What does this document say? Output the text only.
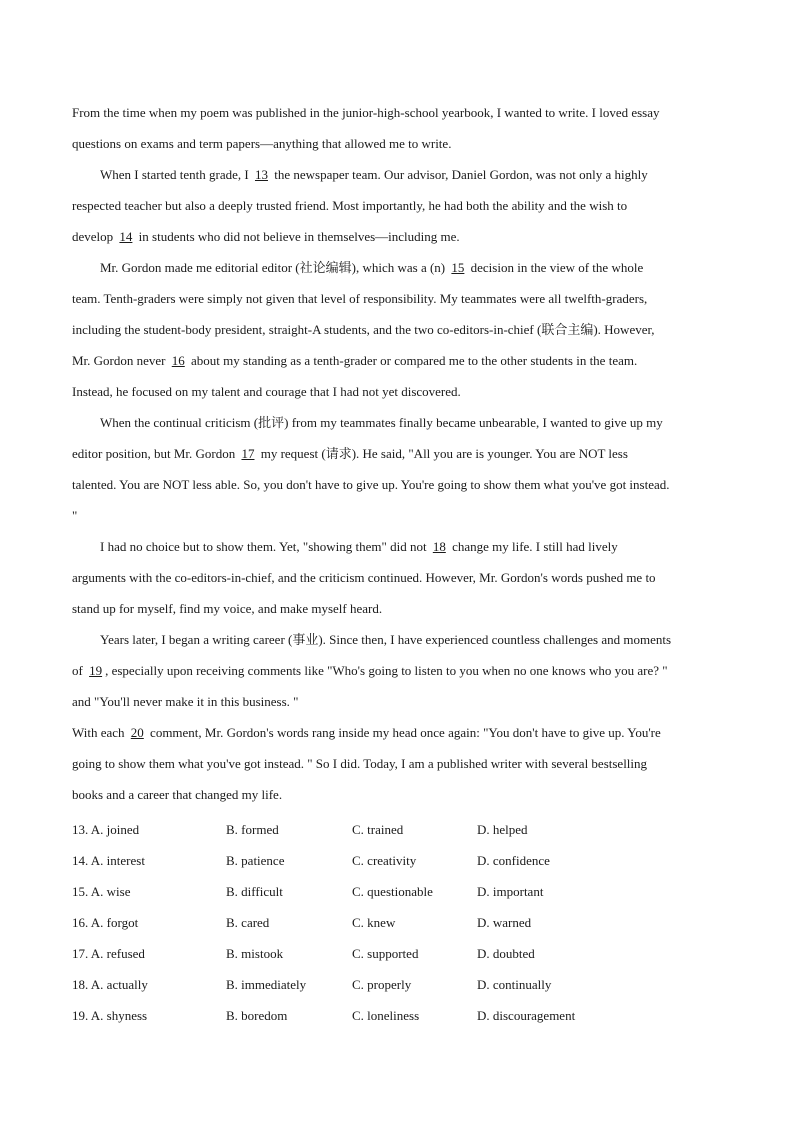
From the time when my poem was published in the junior-high-school yearbook, I wanted to write. I loved essay
questions on exams and term papers—anything that allowed me to write.
When I started tenth grade, I 13 the newspaper team. Our advisor, Daniel Gordon, was not only a highly
respected teacher but also a deeply trusted friend. Most importantly, he had both the ability and the wish to
develop 14 in students who did not believe in themselves—including me.
Mr. Gordon made me editorial editor (社论编辑), which was a (n) 15 decision in the view of the whole
team. Tenth-graders were simply not given that level of responsibility. My teammates were all twelfth-graders,
including the student-body president, straight-A students, and the two co-editors-in-chief (联合主编). However,
Mr. Gordon never 16 about my standing as a tenth-grader or compared me to the other students in the team.
Instead, he focused on my talent and courage that I had not yet discovered.
When the continual criticism (批评) from my teammates finally became unbearable, I wanted to give up my
editor position, but Mr. Gordon 17 my request (请求). He said, "All you are is younger. You are NOT less
talented. You are NOT less able. So, you don't have to give up. You're going to show them what you've got instead.
"
I had no choice but to show them. Yet, "showing them" did not 18 change my life. I still had lively
arguments with the co-editors-in-chief, and the criticism continued. However, Mr. Gordon's words pushed me to
stand up for myself, find my voice, and make myself heard.
Years later, I began a writing career (事业). Since then, I have experienced countless challenges and moments
of 19 , especially upon receiving comments like "Who's going to listen to you when no one knows who you are? "
and "You'll never make it in this business. "
With each 20 comment, Mr. Gordon's words rang inside my head once again: "You don't have to give up. You're
going to show them what you've got instead. " So I did. Today, I am a published writer with several bestselling
books and a career that changed my life.
13. A. joined	B. formed	C. trained	D. helped
14. A. interest	B. patience	C. creativity	D. confidence
15. A. wise	B. difficult	C. questionable	D. important
16. A. forgot	B. cared	C. knew	D. warned
17. A. refused	B. mistook	C. supported	D. doubted
18. A. actually	B. immediately	C. properly	D. continually
19. A. shyness	B. boredom	C. loneliness	D. discouragement
